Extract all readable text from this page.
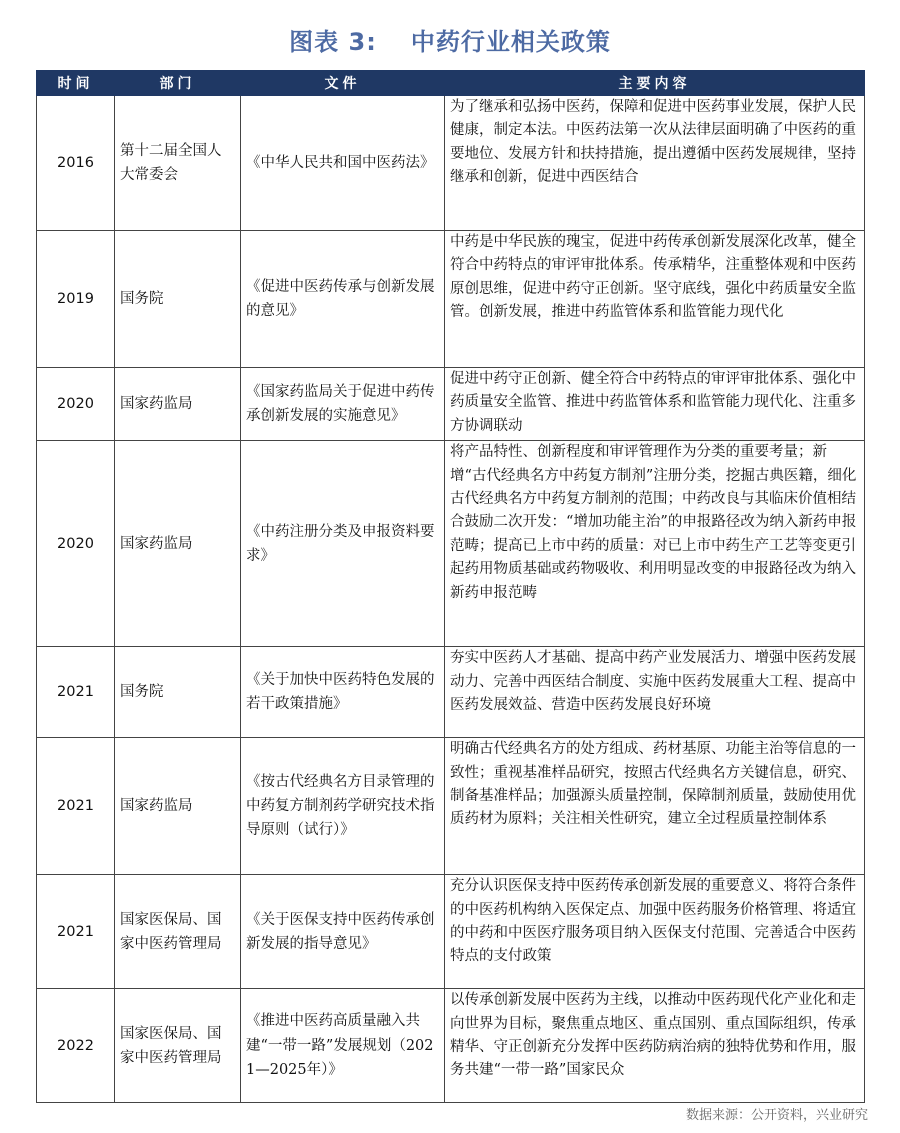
图表 3: 中药行业相关政策
时间	部门	文件	主要内容
2016	第十二届全国人大常委会	《中华人民共和国中医药法》	为了继承和弘扬中医药，保障和促进中医药事业发展，保护人民健康，制定本法。中医药法第一次从法律层面明确了中医药的重要地位、发展方针和扶持措施，提出遵循中医药发展规律，坚持继承和创新，促进中西医结合
2019	国务院	《促进中医药传承与创新发展的意见》	中药是中华民族的瑰宝，促进中药传承创新发展深化改革，健全符合中药特点的审评审批体系。传承精华，注重整体观和中医药原创思维，促进中药守正创新。坚守底线，强化中药质量安全监管。创新发展，推进中药监管体系和监管能力现代化
2020	国家药监局	《国家药监局关于促进中药传承创新发展的实施意见》	促进中药守正创新、健全符合中药特点的审评审批体系、强化中药质量安全监管、推进中药监管体系和监管能力现代化、注重多方协调联动
2020	国家药监局	《中药注册分类及申报资料要求》	将产品特性、创新程度和审评管理作为分类的重要考量；新增“古代经典名方中药复方制剂”注册分类，挖掘古典医籍，细化古代经典名方中药复方制剂的范围；中药改良与其临床价值相结合鼓励二次开发：“增加功能主治”的申报路径改为纳入新药申报范畴；提高已上市中药的质量：对已上市中药生产工艺等变更引起药用物质基础或药物吸收、利用明显改变的申报路径改为纳入新药申报范畴
2021	国务院	《关于加快中医药特色发展的若干政策措施》	夯实中医药人才基础、提高中药产业发展活力、增强中医药发展动力、完善中西医结合制度、实施中医药发展重大工程、提高中医药发展效益、营造中医药发展良好环境
2021	国家药监局	《按古代经典名方目录管理的中药复方制剂药学研究技术指导原则（试行）》	明确古代经典名方的处方组成、药材基原、功能主治等信息的一致性；重视基准样品研究，按照古代经典名方关键信息，研究、制备基准样品；加强源头质量控制，保障制剂质量，鼓励使用优质药材为原料；关注相关性研究，建立全过程质量控制体系
2021	国家医保局、国家中医药管理局	《关于医保支持中医药传承创新发展的指导意见》	充分认识医保支持中医药传承创新发展的重要意义、将符合条件的中医药机构纳入医保定点、加强中医药服务价格管理、将适宜的中药和中医医疗服务项目纳入医保支付范围、完善适合中医药特点的支付政策
2022	国家医保局、国家中医药管理局	《推进中医药高质量融入共建“一带一路”发展规划（2021—2025年）》	以传承创新发展中医药为主线，以推动中医药现代化产业化和走向世界为目标，聚焦重点地区、重点国别、重点国际组织，传承精华、守正创新充分发挥中医药防病治病的独特优势和作用，服务共建“一带一路”国家民众
数据来源：公开资料，兴业研究
